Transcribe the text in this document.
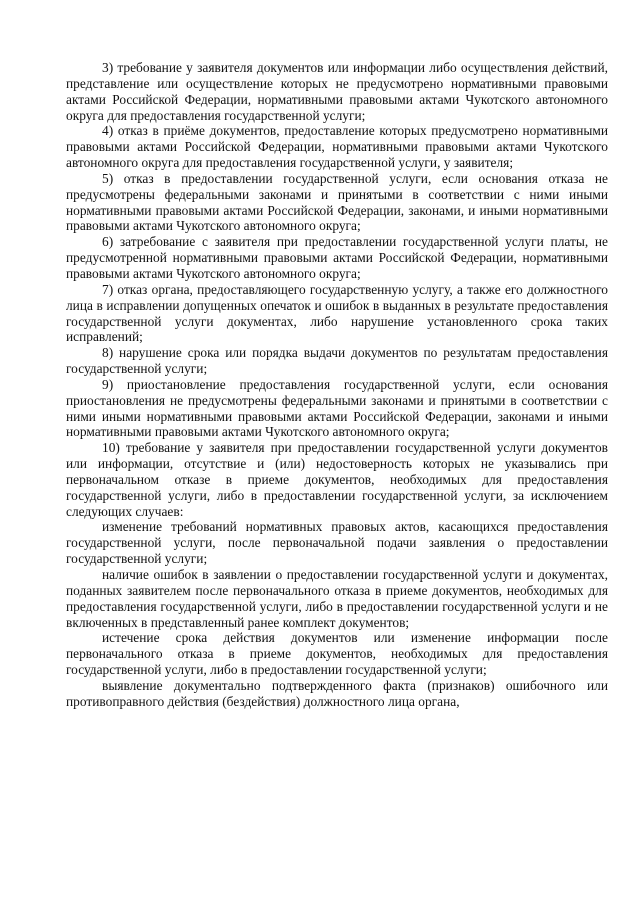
3) требование у заявителя документов или информации либо осуществления действий, представление или осуществление которых не предусмотрено нормативными правовыми актами Российской Федерации, нормативными правовыми актами Чукотского автономного округа для предоставления государственной услуги;

4) отказ в приёме документов, предоставление которых предусмотрено нормативными правовыми актами Российской Федерации, нормативными правовыми актами Чукотского автономного округа для предоставления государственной услуги, у заявителя;

5) отказ в предоставлении государственной услуги, если основания отказа не предусмотрены федеральными законами и принятыми в соответствии с ними иными нормативными правовыми актами Российской Федерации, законами, и иными нормативными правовыми актами Чукотского автономного округа;

6) затребование с заявителя при предоставлении государственной услуги платы, не предусмотренной нормативными правовыми актами Российской Федерации, нормативными правовыми актами Чукотского автономного округа;

7) отказ органа, предоставляющего государственную услугу, а также его должностного лица в исправлении допущенных опечаток и ошибок в выданных в результате предоставления государственной услуги документах, либо нарушение установленного срока таких исправлений;

8) нарушение срока или порядка выдачи документов по результатам предоставления государственной услуги;

9) приостановление предоставления государственной услуги, если основания приостановления не предусмотрены федеральными законами и принятыми в соответствии с ними иными нормативными правовыми актами Российской Федерации, законами и иными нормативными правовыми актами Чукотского автономного округа;

10) требование у заявителя при предоставлении государственной услуги документов или информации, отсутствие и (или) недостоверность которых не указывались при первоначальном отказе в приеме документов, необходимых для предоставления государственной услуги, либо в предоставлении государственной услуги, за исключением следующих случаев:

изменение требований нормативных правовых актов, касающихся предоставления государственной услуги, после первоначальной подачи заявления о предоставлении государственной услуги;

наличие ошибок в заявлении о предоставлении государственной услуги и документах, поданных заявителем после первоначального отказа в приеме документов, необходимых для предоставления государственной услуги, либо в предоставлении государственной услуги и не включенных в представленный ранее комплект документов;

истечение срока действия документов или изменение информации после первоначального отказа в приеме документов, необходимых для предоставления государственной услуги, либо в предоставлении государственной услуги;

выявление документально подтвержденного факта (признаков) ошибочного или противоправного действия (бездействия) должностного лица органа,
